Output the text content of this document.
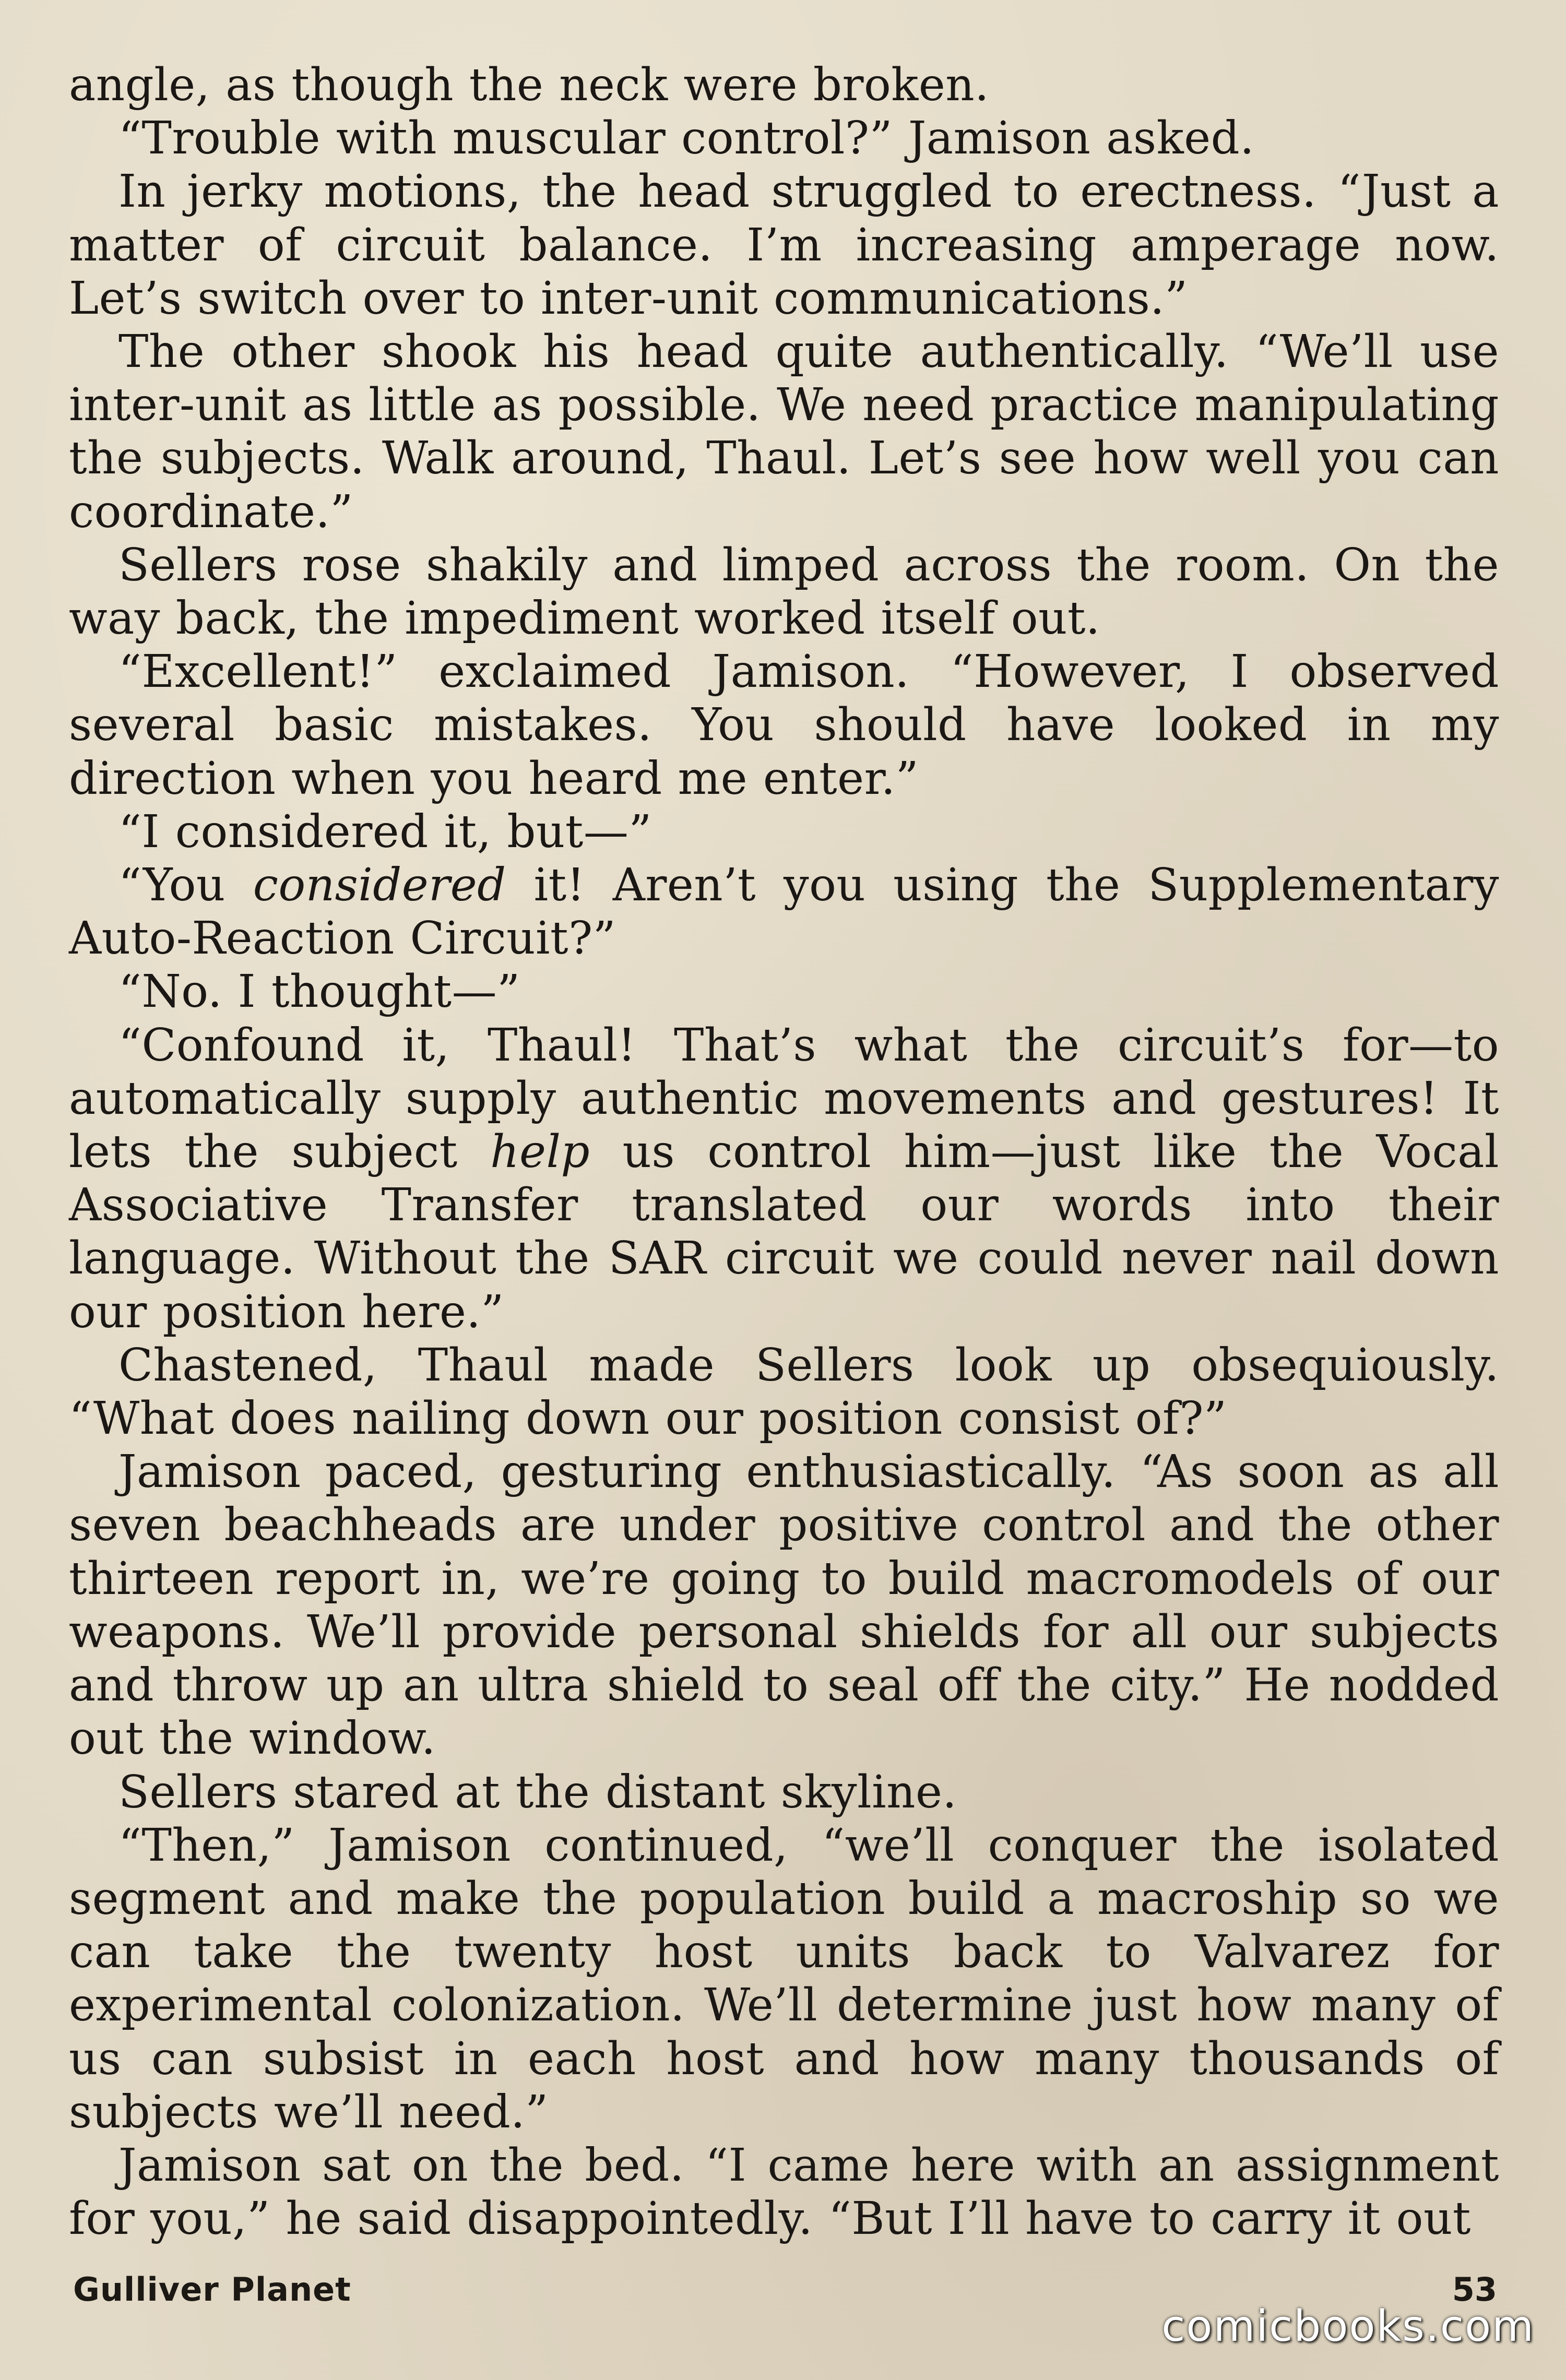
angle, as though the neck were broken.

“Trouble with muscular control?” Jamison asked.

In jerky motions, the head struggled to erectness. “Just a matter of circuit balance. I’m increasing amperage now. Let’s switch over to inter-unit communications.”

The other shook his head quite authentically. “We’ll use inter-unit as little as possible. We need practice manipulating the subjects. Walk around, Thaul. Let’s see how well you can coordinate.”

Sellers rose shakily and limped across the room. On the way back, the impediment worked itself out.

“Excellent!” exclaimed Jamison. “However, I observed several basic mistakes. You should have looked in my direction when you heard me enter.”

“I considered it, but—”

“You considered it! Aren’t you using the Supplementary Auto-Reaction Circuit?”

“No. I thought—”

“Confound it, Thaul! That’s what the circuit’s for—to automatically supply authentic movements and gestures! It lets the subject help us control him—just like the Vocal Associative Transfer translated our words into their language. Without the SAR circuit we could never nail down our position here.”

Chastened, Thaul made Sellers look up obsequiously. “What does nailing down our position consist of?”

Jamison paced, gesturing enthusiastically. “As soon as all seven beachheads are under positive control and the other thirteen report in, we’re going to build macromodels of our weapons. We’ll provide personal shields for all our subjects and throw up an ultra shield to seal off the city.” He nodded out the window.

Sellers stared at the distant skyline.

“Then,” Jamison continued, “we’ll conquer the isolated segment and make the population build a macroship so we can take the twenty host units back to Valvarez for experimental colonization. We’ll determine just how many of us can subsist in each host and how many thousands of subjects we’ll need.”

Jamison sat on the bed. “I came here with an assignment for you,” he said disappointedly. “But I’ll have to carry it out

Gulliver Planet	53
comicbooks.com
